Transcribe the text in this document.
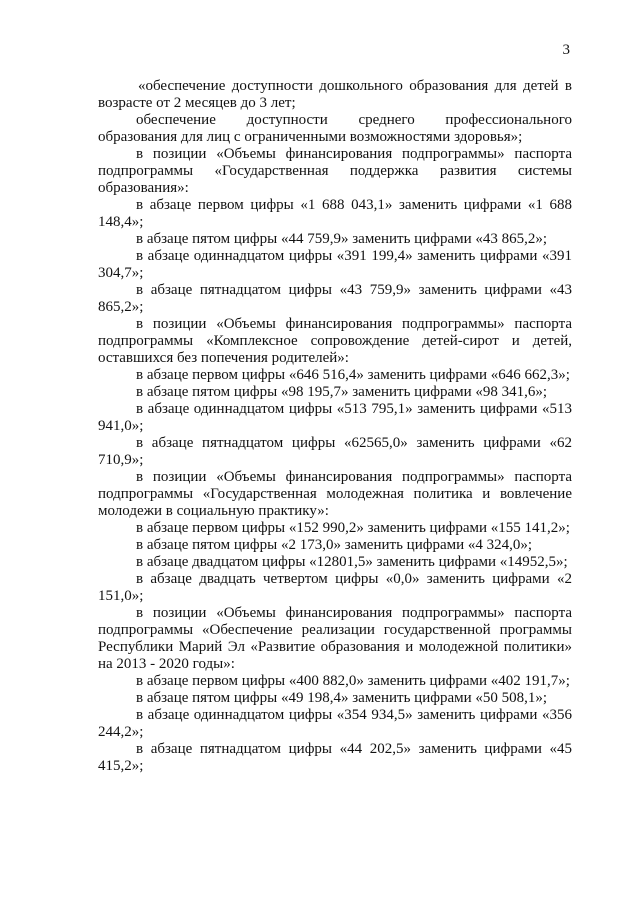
3

«обеспечение доступности дошкольного образования для детей в возрасте от 2 месяцев до 3 лет;

обеспечение доступности среднего профессионального образования для лиц с ограниченными возможностями здоровья»;

в позиции «Объемы финансирования подпрограммы» паспорта подпрограммы «Государственная поддержка развития системы образования»:

в абзаце первом цифры «1 688 043,1» заменить цифрами «1 688 148,4»;

в абзаце пятом цифры «44 759,9» заменить цифрами «43 865,2»;

в абзаце одиннадцатом цифры «391 199,4» заменить цифрами «391 304,7»;

в абзаце пятнадцатом цифры «43 759,9» заменить цифрами «43 865,2»;

в позиции «Объемы финансирования подпрограммы» паспорта подпрограммы «Комплексное сопровождение детей-сирот и детей, оставшихся без попечения родителей»:

в абзаце первом цифры «646 516,4» заменить цифрами «646 662,3»;

в абзаце пятом цифры «98 195,7» заменить цифрами «98 341,6»;

в абзаце одиннадцатом цифры «513 795,1» заменить цифрами «513 941,0»;

в абзаце пятнадцатом цифры «62565,0» заменить цифрами «62 710,9»;

в позиции «Объемы финансирования подпрограммы» паспорта подпрограммы «Государственная молодежная политика и вовлечение молодежи в социальную практику»:

в абзаце первом цифры «152 990,2» заменить цифрами «155 141,2»;

в абзаце пятом цифры «2 173,0» заменить цифрами «4 324,0»;

в абзаце двадцатом цифры «12801,5» заменить цифрами «14952,5»;

в абзаце двадцать четвертом цифры «0,0» заменить цифрами «2 151,0»;

в позиции «Объемы финансирования подпрограммы» паспорта подпрограммы «Обеспечение реализации государственной программы Республики Марий Эл «Развитие образования и молодежной политики» на 2013 - 2020 годы»:

в абзаце первом цифры «400 882,0» заменить цифрами «402 191,7»;

в абзаце пятом цифры «49 198,4» заменить цифрами «50 508,1»;

в абзаце одиннадцатом цифры «354 934,5» заменить цифрами «356 244,2»;

в абзаце пятнадцатом цифры «44 202,5» заменить цифрами «45 415,2»;
